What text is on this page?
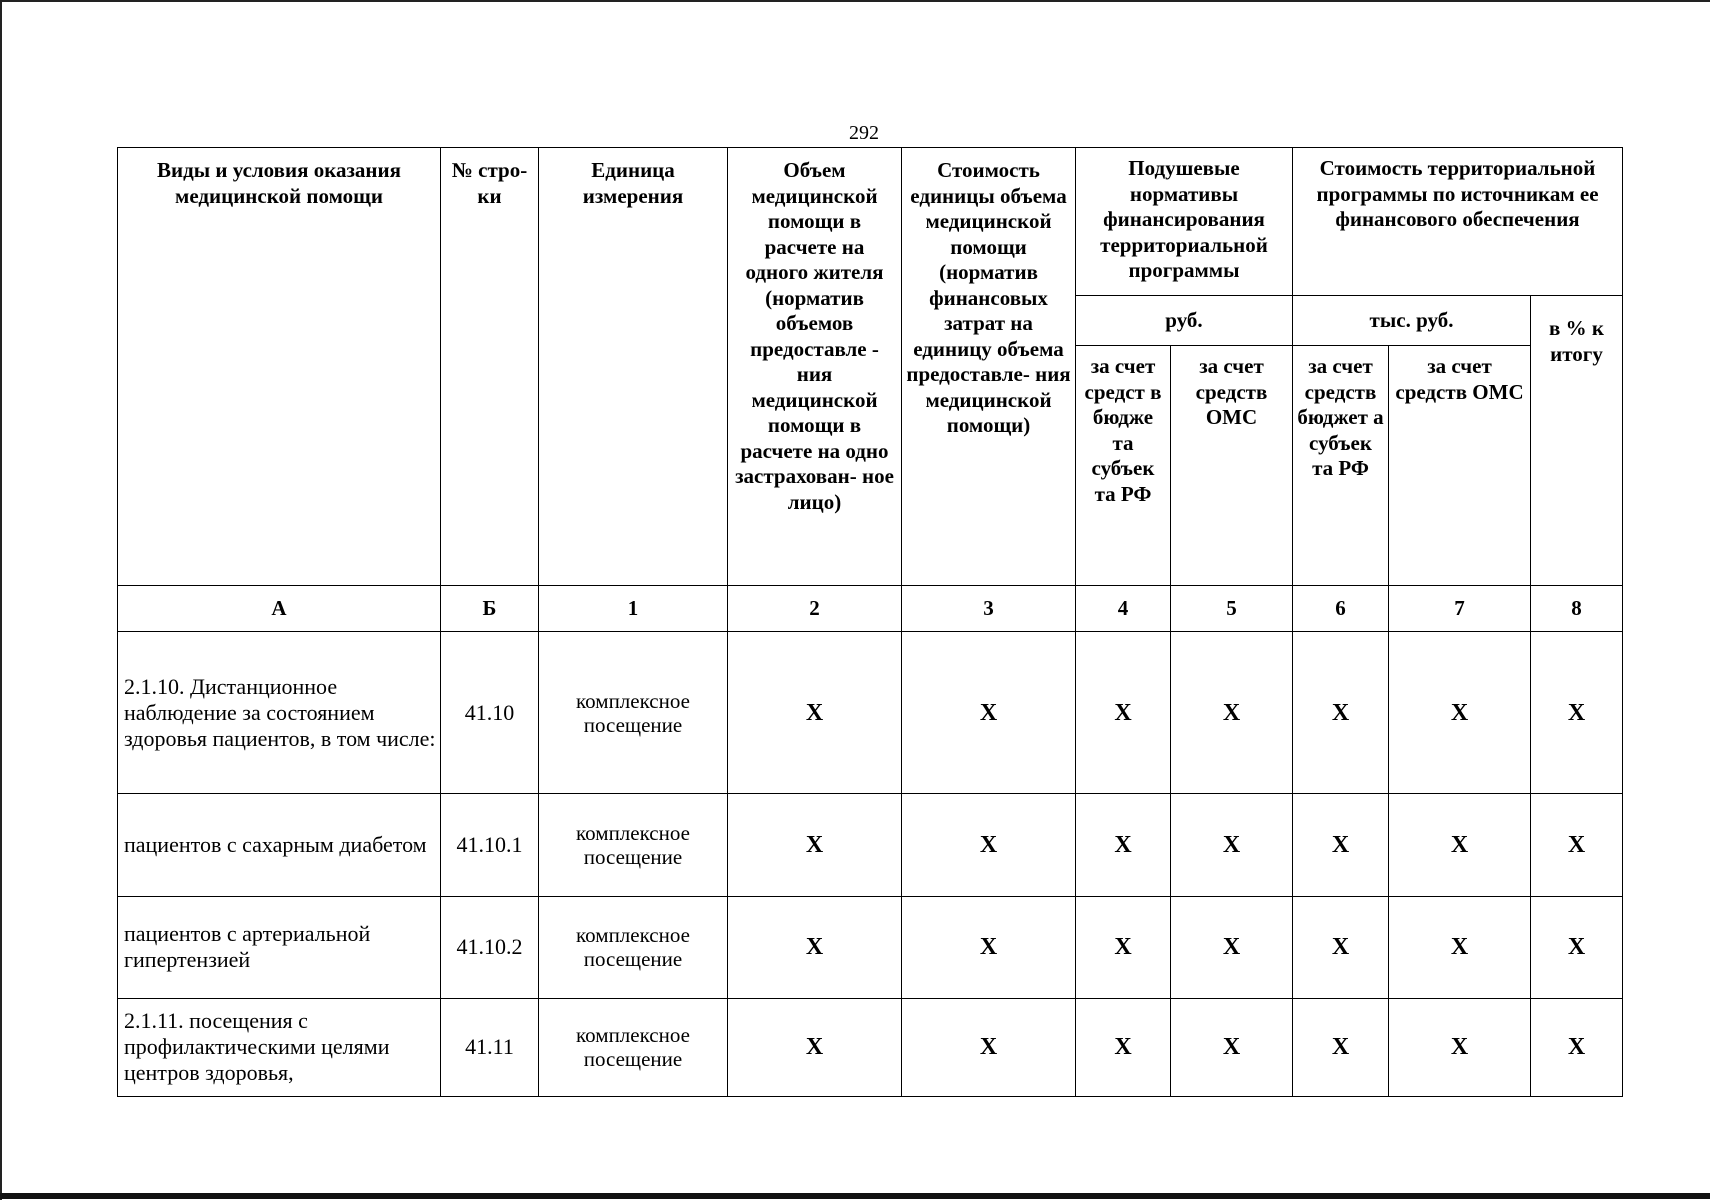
292
Виды и условия оказания медицинской помощи	№ стро- ки	Единица измерения	Объем медицинской помощи в расчете на одного жителя (норматив объемов предоставле - ния медицинской помощи в расчете на одно застрахован- ное лицо)	Стоимость единицы объема медицинской помощи (норматив финансовых затрат на единицу объема предоставле- ния медицинской помощи)	Подушевые нормативы финансирования территориальной программы		Стоимость территориальной программы по источникам ее финансового обеспечения		
					руб.		тыс. руб.		в % к итогу
					за счет средст в бюдже та субъек та РФ	за счет средств ОМС	за счет средств бюджет а субъек та РФ	за счет средств ОМС	
А	Б	1	2	3	4	5	6	7	8
2.1.10. Дистанционное наблюдение за состоянием здоровья пациентов, в том числе:	41.10	комплексное посещение	X	X	X	X	X	X	X
пациентов с сахарным диабетом	41.10.1	комплексное посещение	X	X	X	X	X	X	X
пациентов с артериальной гипертензией	41.10.2	комплексное посещение	X	X	X	X	X	X	X
2.1.11. посещения с профилактическими целями центров здоровья,	41.11	комплексное посещение	X	X	X	X	X	X	X
